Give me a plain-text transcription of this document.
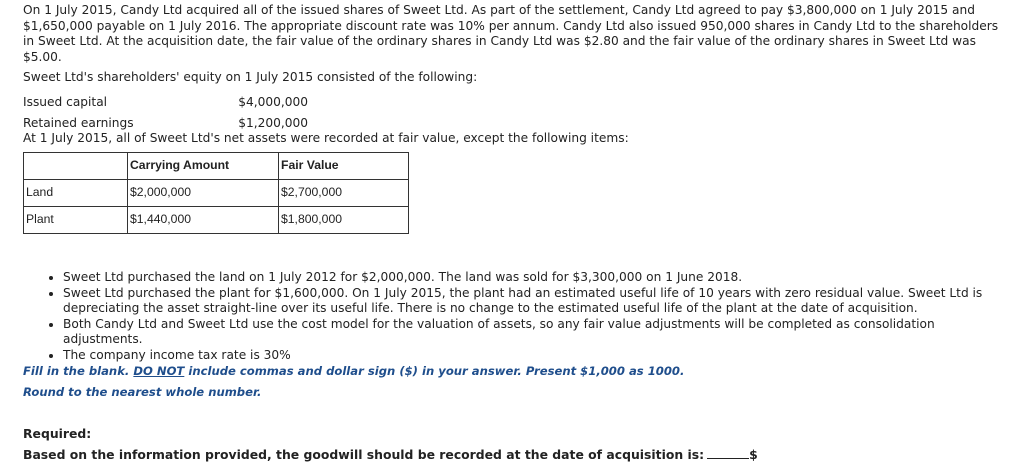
On 1 July 2015, Candy Ltd acquired all of the issued shares of Sweet Ltd. As part of the settlement, Candy Ltd agreed to pay $3,800,000 on 1 July 2015 and $1,650,000 payable on 1 July 2016. The appropriate discount rate was 10% per annum. Candy Ltd also issued 950,000 shares in Candy Ltd to the shareholders in Sweet Ltd. At the acquisition date, the fair value of the ordinary shares in Candy Ltd was $2.80 and the fair value of the ordinary shares in Sweet Ltd was $5.00.

Sweet Ltd's shareholders' equity on 1 July 2015 consisted of the following:

Issued capital	$4,000,000
Retained earnings	$1,200,000

At 1 July 2015, all of Sweet Ltd's net assets were recorded at fair value, except the following items:

	Carrying Amount	Fair Value
Land	$2,000,000	$2,700,000
Plant	$1,440,000	$1,800,000
• Sweet Ltd purchased the land on 1 July 2012 for $2,000,000. The land was sold for $3,300,000 on 1 June 2018.
• Sweet Ltd purchased the plant for $1,600,000. On 1 July 2015, the plant had an estimated useful life of 10 years with zero residual value. Sweet Ltd is depreciating the asset straight-line over its useful life. There is no change to the estimated useful life of the plant at the date of acquisition.
• Both Candy Ltd and Sweet Ltd use the cost model for the valuation of assets, so any fair value adjustments will be completed as consolidation adjustments.
• The company income tax rate is 30%
Fill in the blank. DO NOT include commas and dollar sign ($) in your answer. Present $1,000 as 1000.
Round to the nearest whole number.
Required:
Based on the information provided, the goodwill should be recorded at the date of acquisition is:	$
